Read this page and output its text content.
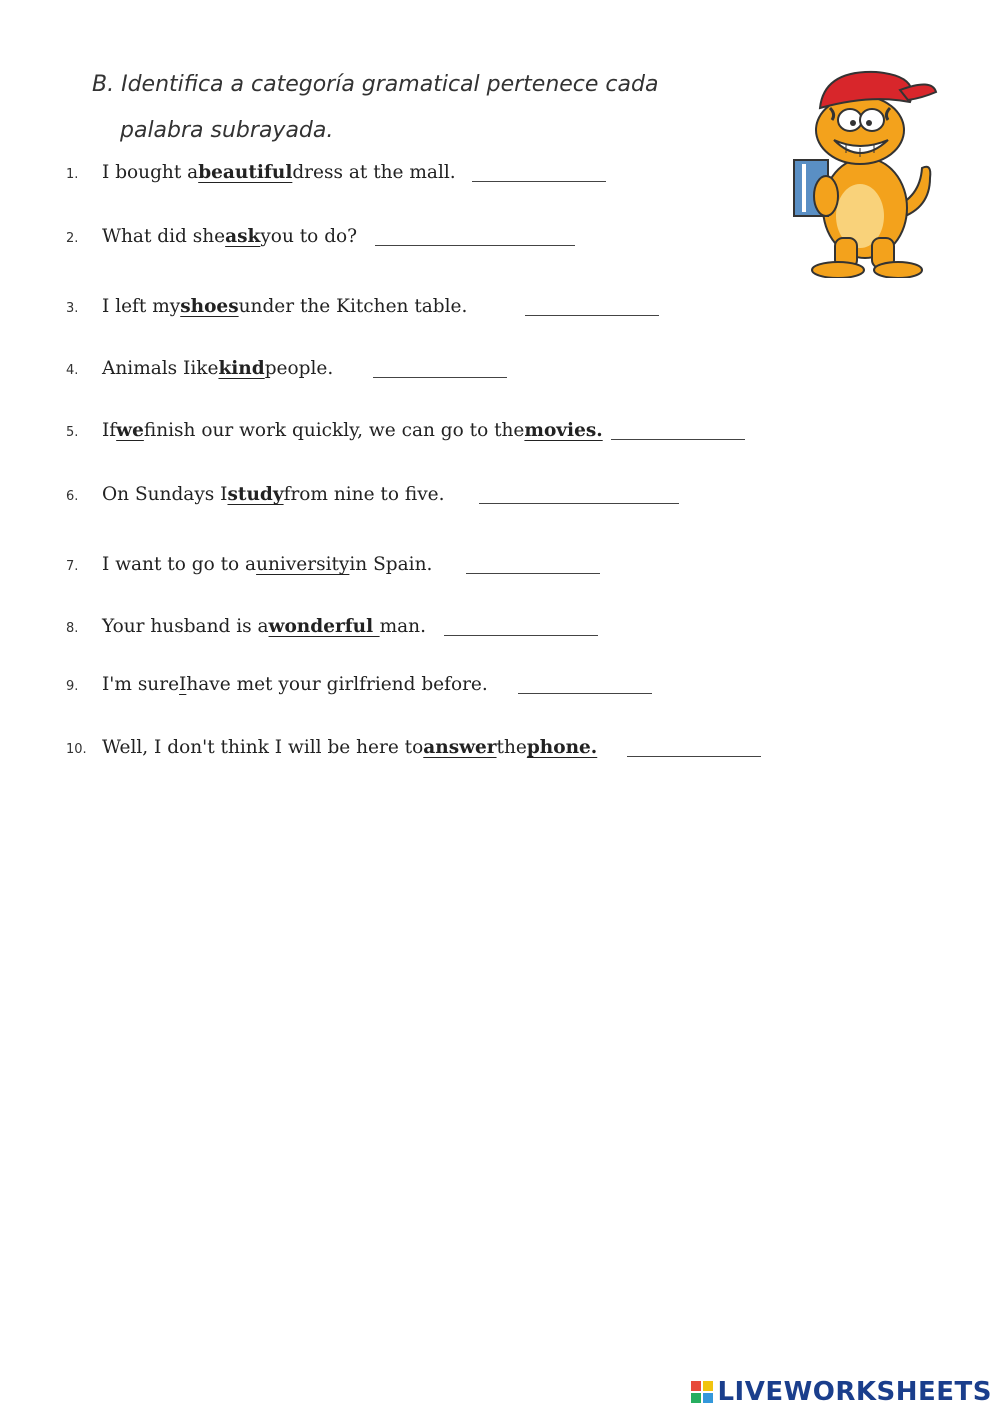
B. Identifica a categoría gramatical pertenece cada
palabra subrayada.
1.	I bought a beautiful dress at the mall.
2.	What did she ask you to do?
3.	I left my shoes under the Kitchen table.
4.	Animals Iike kind people.
5.	If we finish our work quickly, we can go to the movies.
6.	On Sundays I study from nine to five.
7.	I want to go to a university in Spain.
8.	Your husband is a wonderful man.
9.	I'm sure I have met your girlfriend before.
10. Well, I don't think I will be here to answer the phone.
LIVEWORKSHEETS
